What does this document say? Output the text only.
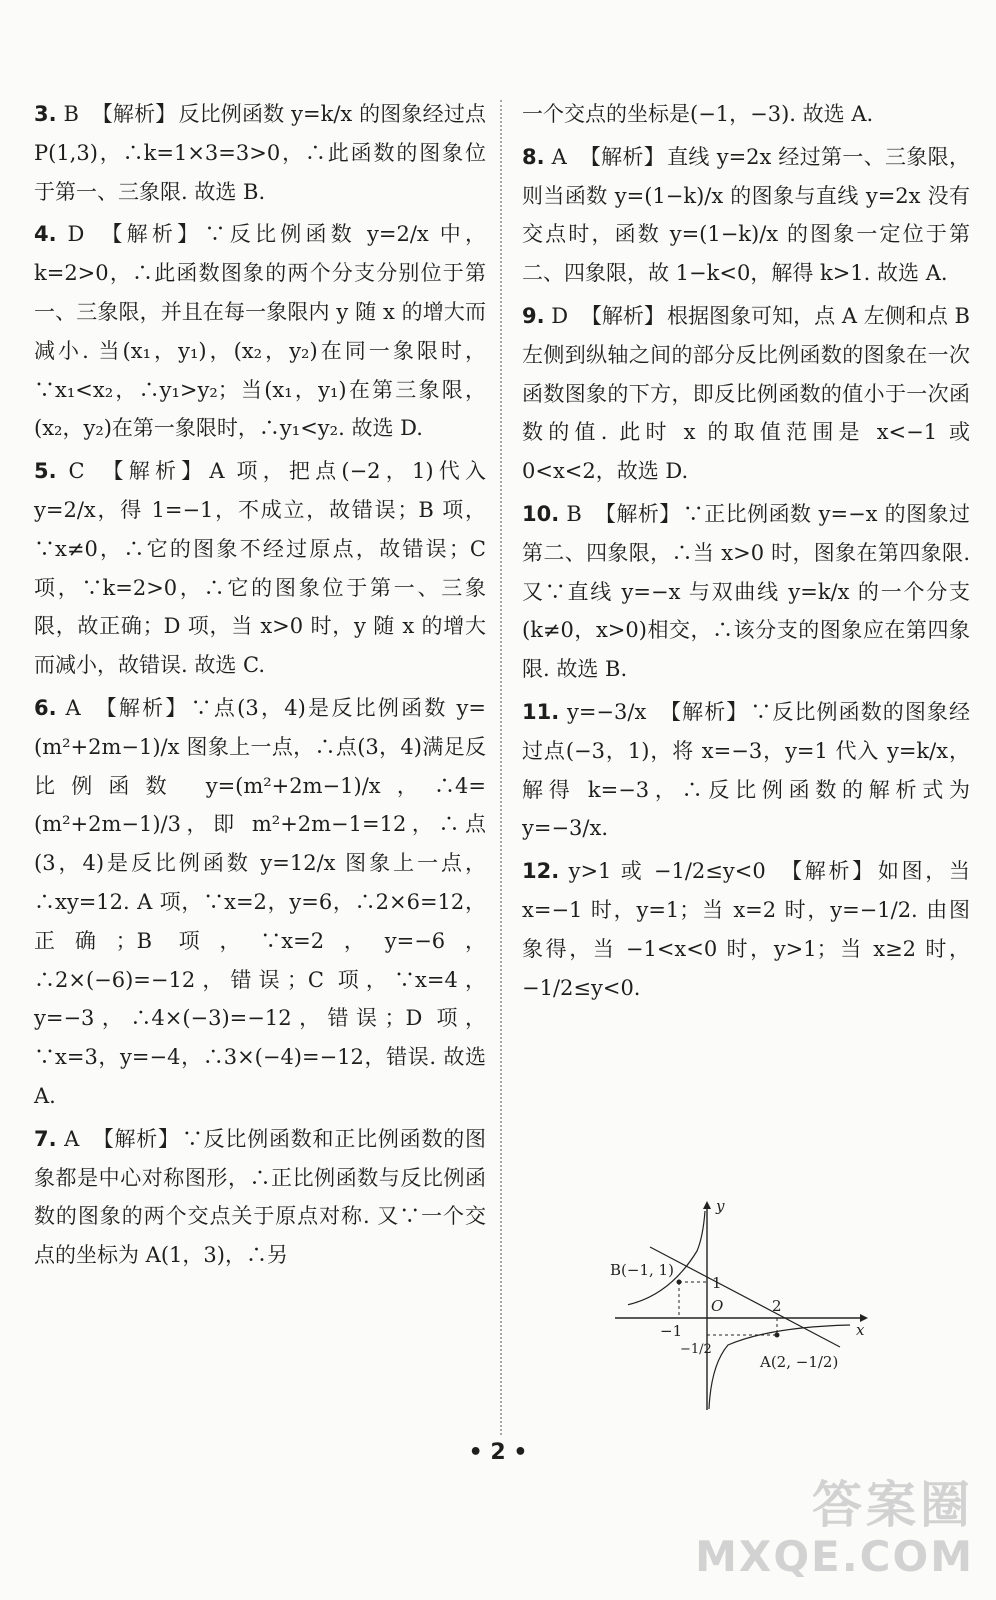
3. B 【解析】反比例函数 y=k/x 的图象经过点 P(1,3)，∴k=1×3=3>0，∴此函数的图象位于第一、三象限. 故选 B.
4. D 【解析】∵反比例函数 y=2/x 中，k=2>0，∴此函数图象的两个分支分别位于第一、三象限，并且在每一象限内 y 随 x 的增大而减小. 当(x₁，y₁)，(x₂，y₂)在同一象限时，∵x₁<x₂，∴y₁>y₂；当(x₁，y₁)在第三象限，(x₂，y₂)在第一象限时，∴y₁<y₂. 故选 D.
5. C 【解析】A 项，把点(−2，1)代入 y=2/x，得 1=−1，不成立，故错误；B 项，∵x≠0，∴它的图象不经过原点，故错误；C 项，∵k=2>0，∴它的图象位于第一、三象限，故正确；D 项，当 x>0 时，y 随 x 的增大而减小，故错误. 故选 C.
6. A 【解析】∵点(3，4)是反比例函数 y=(m²+2m−1)/x 图象上一点，∴点(3，4)满足反比例函数 y=(m²+2m−1)/x，∴4=(m²+2m−1)/3，即 m²+2m−1=12，∴点(3，4)是反比例函数 y=12/x 图象上一点，∴xy=12. A 项，∵x=2，y=6，∴2×6=12，正确；B 项，∵x=2，y=−6，∴2×(−6)=−12，错误；C 项，∵x=4，y=−3，∴4×(−3)=−12，错误；D 项，∵x=3，y=−4，∴3×(−4)=−12，错误. 故选 A.
7. A 【解析】∵反比例函数和正比例函数的图象都是中心对称图形，∴正比例函数与反比例函数的图象的两个交点关于原点对称. 又∵一个交点的坐标为 A(1，3)，∴另
一个交点的坐标是(−1，−3). 故选 A.
8. A 【解析】直线 y=2x 经过第一、三象限，则当函数 y=(1−k)/x 的图象与直线 y=2x 没有交点时，函数 y=(1−k)/x 的图象一定位于第二、四象限，故 1−k<0，解得 k>1. 故选 A.
9. D 【解析】根据图象可知，点 A 左侧和点 B 左侧到纵轴之间的部分反比例函数的图象在一次函数图象的下方，即反比例函数的值小于一次函数的值. 此时 x 的取值范围是 x<−1 或 0<x<2，故选 D.
10. B 【解析】∵正比例函数 y=−x 的图象过第二、四象限，∴当 x>0 时，图象在第四象限. 又∵直线 y=−x 与双曲线 y=k/x 的一个分支(k≠0，x>0)相交，∴该分支的图象应在第四象限. 故选 B.
11. y=−3/x 【解析】∵反比例函数的图象经过点(−3，1)，将 x=−3，y=1 代入 y=k/x，解得 k=−3，∴反比例函数的解析式为 y=−3/x.
12. y>1 或 −1/2≤y<0 【解析】如图，当 x=−1 时，y=1；当 x=2 时，y=−1/2. 由图象得，当 −1<x<0 时，y>1；当 x≥2 时，−1/2≤y<0.
x
y
O
B(−1, 1)
A(2, −1/2)
−1
2
1
−1/2
• 2 •
答案圈
MXQE.COM
